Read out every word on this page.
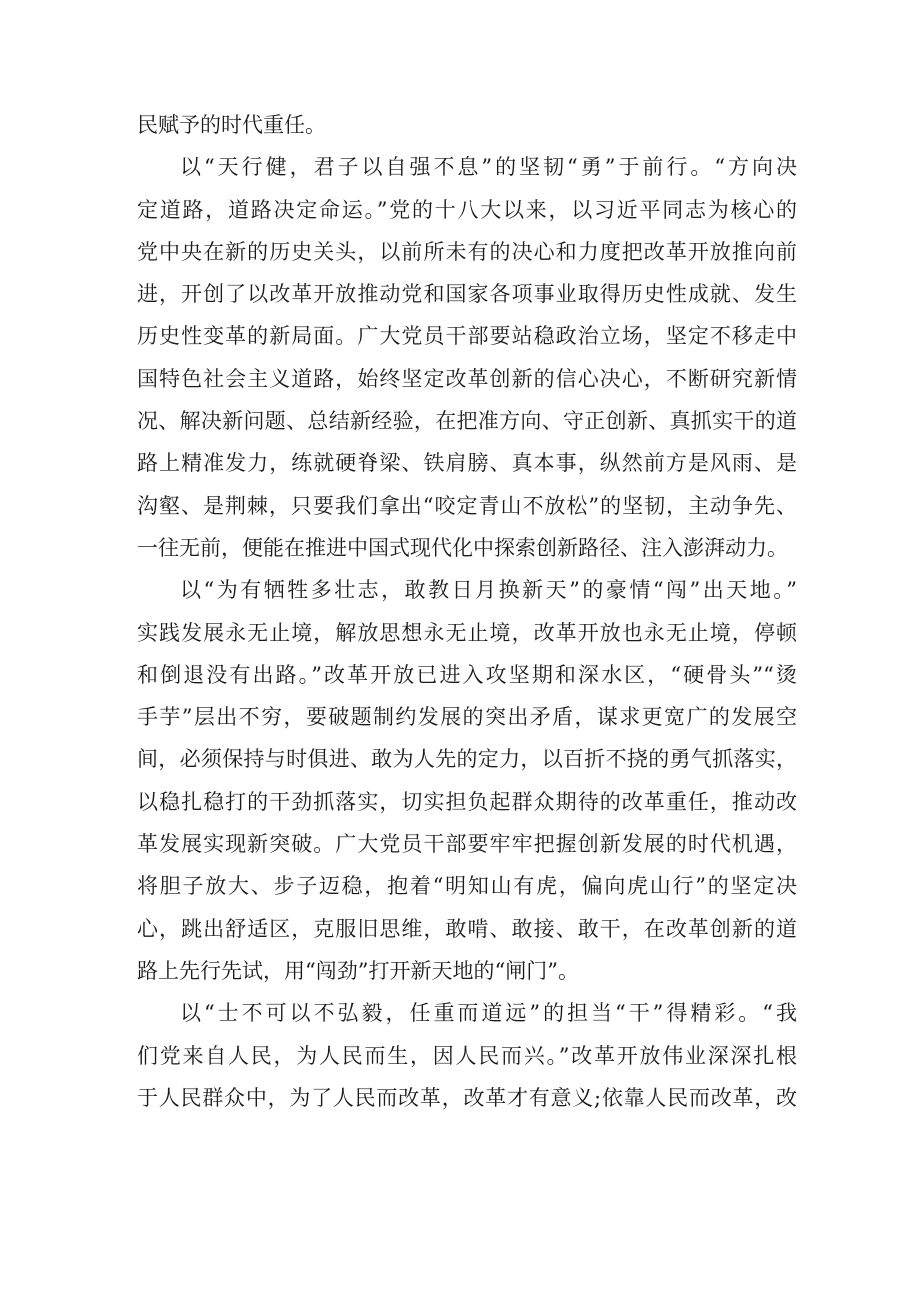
民赋予的时代重任。
以“天行健，君子以自强不息”的坚韧“勇”于前行。“方向决
定道路，道路决定命运。”党的十八大以来，以习近平同志为核心的
党中央在新的历史关头，以前所未有的决心和力度把改革开放推向前
进，开创了以改革开放推动党和国家各项事业取得历史性成就、发生
历史性变革的新局面。广大党员干部要站稳政治立场，坚定不移走中
国特色社会主义道路，始终坚定改革创新的信心决心，不断研究新情
况、解决新问题、总结新经验，在把准方向、守正创新、真抓实干的道
路上精准发力，练就硬脊梁、铁肩膀、真本事，纵然前方是风雨、是
沟壑、是荆棘，只要我们拿出“咬定青山不放松”的坚韧，主动争先、
一往无前，便能在推进中国式现代化中探索创新路径、注入澎湃动力。
以“为有牺牲多壮志，敢教日月换新天”的豪情“闯”出天地。”
实践发展永无止境，解放思想永无止境，改革开放也永无止境，停顿
和倒退没有出路。”改革开放已进入攻坚期和深水区，“硬骨头”“烫
手芋”层出不穷，要破题制约发展的突出矛盾，谋求更宽广的发展空
间，必须保持与时俱进、敢为人先的定力，以百折不挠的勇气抓落实，
以稳扎稳打的干劲抓落实，切实担负起群众期待的改革重任，推动改
革发展实现新突破。广大党员干部要牢牢把握创新发展的时代机遇，
将胆子放大、步子迈稳，抱着“明知山有虎，偏向虎山行”的坚定决
心，跳出舒适区，克服旧思维，敢啃、敢接、敢干，在改革创新的道
路上先行先试，用“闯劲”打开新天地的“闸门”。
以“士不可以不弘毅，任重而道远”的担当“干”得精彩。“我
们党来自人民，为人民而生，因人民而兴。”改革开放伟业深深扎根
于人民群众中，为了人民而改革，改革才有意义;依靠人民而改革，改
